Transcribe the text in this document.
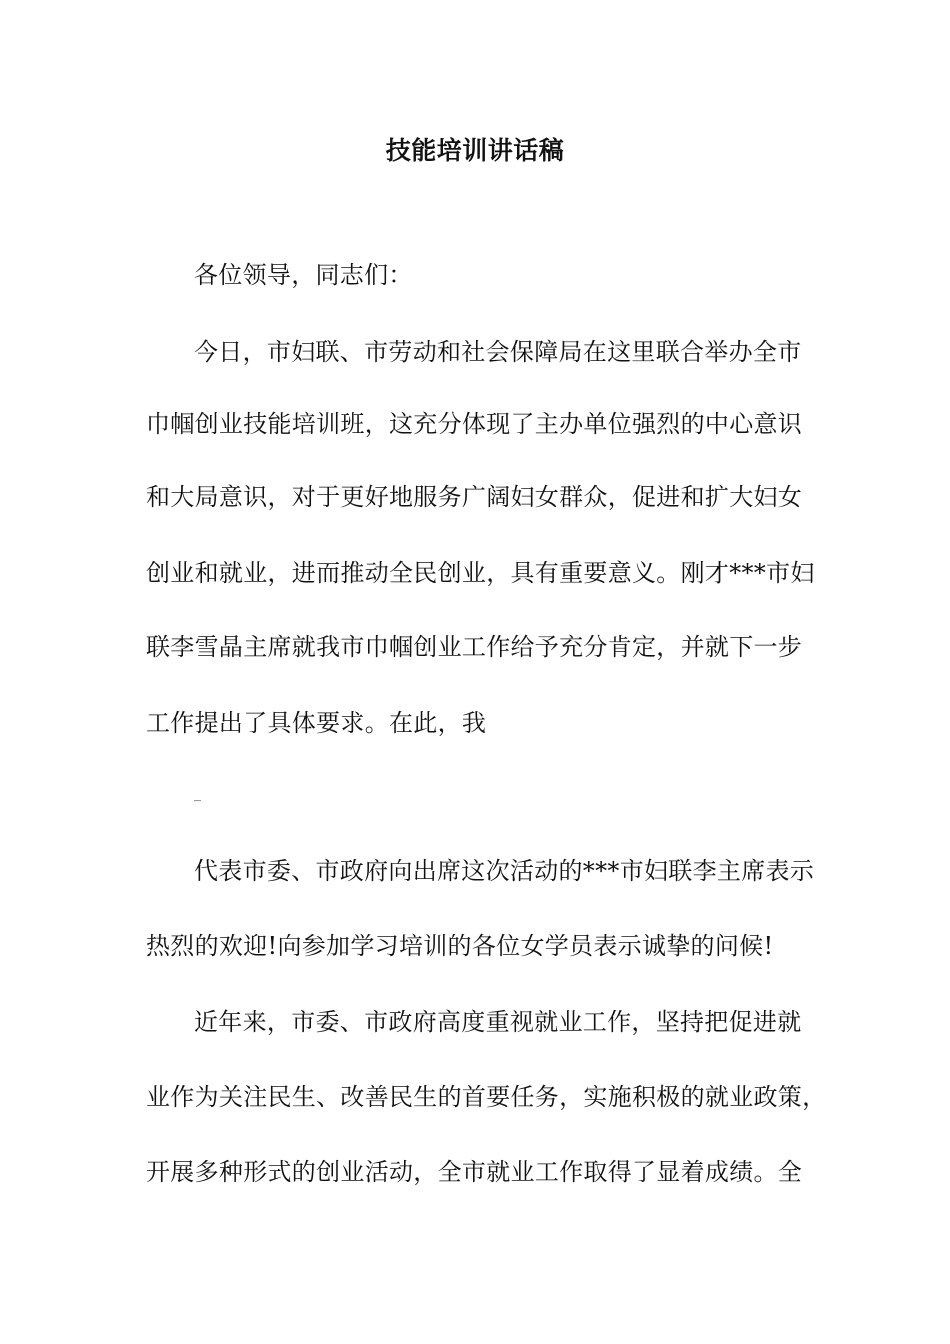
技能培训讲话稿
各位领导，同志们：
今日，市妇联、市劳动和社会保障局在这里联合举办全市
巾帼创业技能培训班，这充分体现了主办单位强烈的中心意识
和大局意识，对于更好地服务广阔妇女群众，促进和扩大妇女
创业和就业，进而推动全民创业，具有重要意义。刚才***市妇
联李雪晶主席就我市巾帼创业工作给予充分肯定，并就下一步
工作提出了具体要求。在此，我
_
代表市委、市政府向出席这次活动的***市妇联李主席表示
热烈的欢迎!向参加学习培训的各位女学员表示诚挚的问候!
近年来，市委、市政府高度重视就业工作，坚持把促进就
业作为关注民生、改善民生的首要任务，实施积极的就业政策，
开展多种形式的创业活动，全市就业工作取得了显着成绩。全
